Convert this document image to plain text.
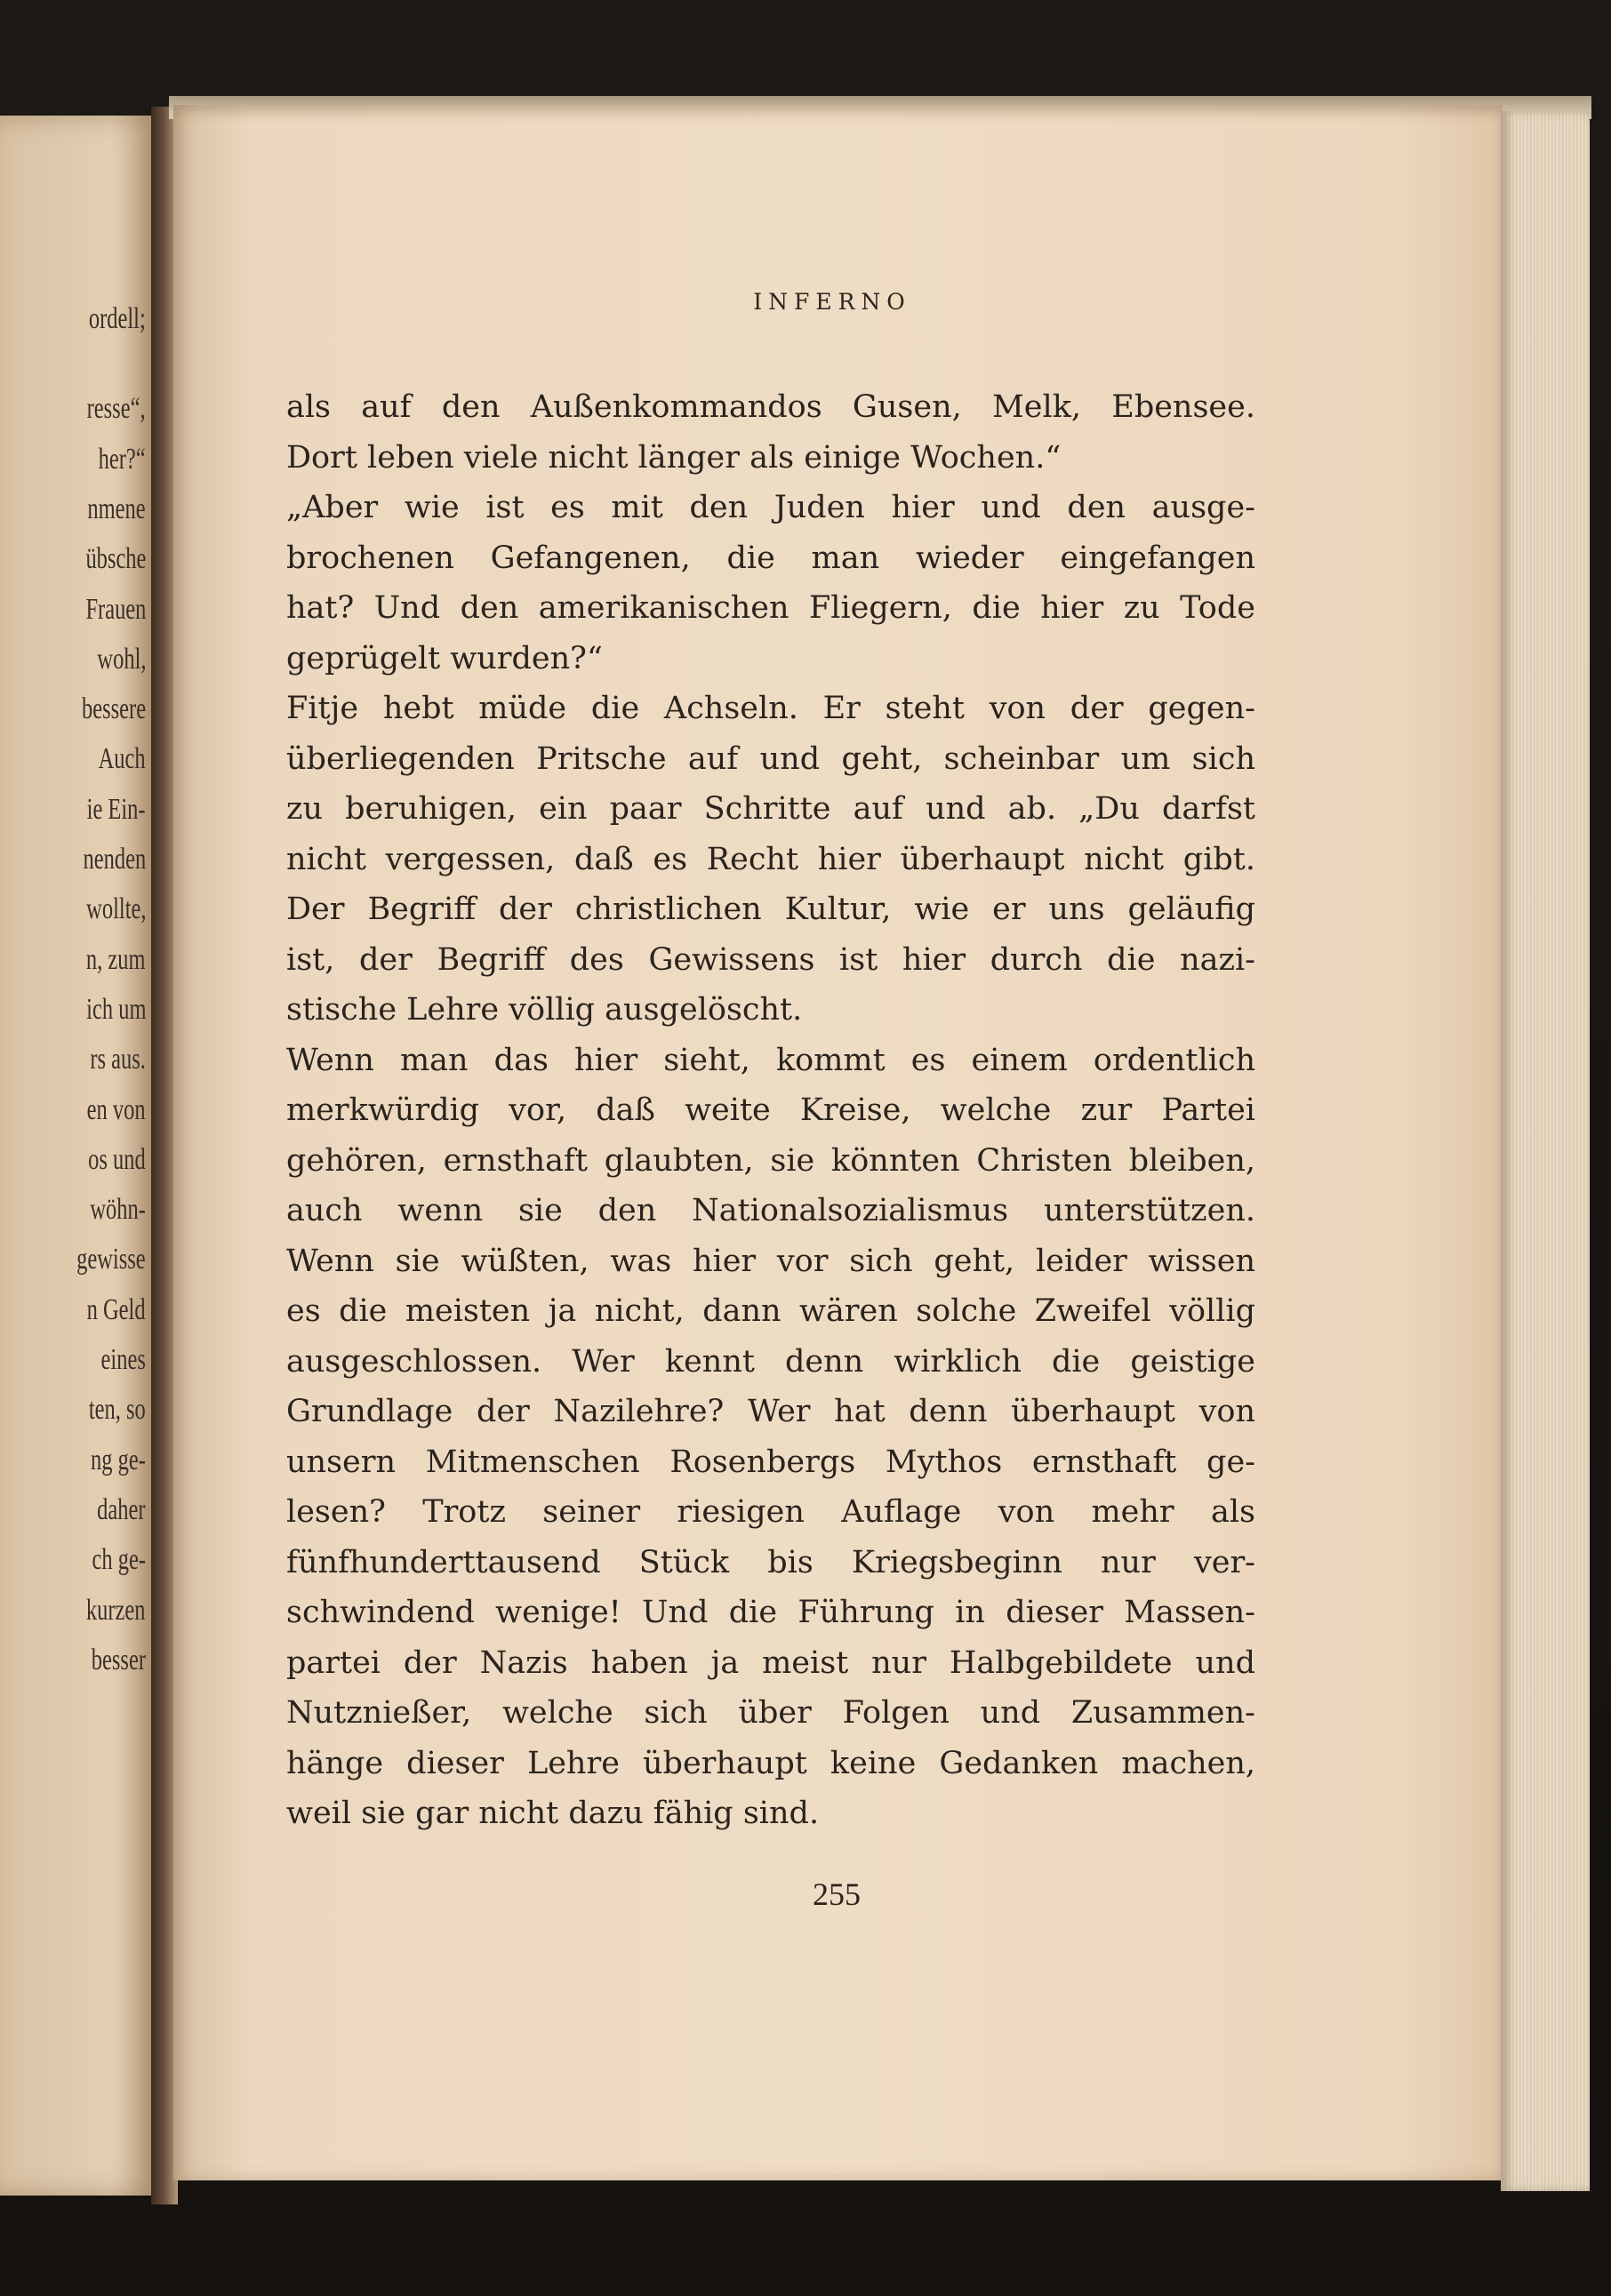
ordell;
resse“,
her?“
nmene
übsche
Frauen
wohl,
bessere
Auch
ie Ein-
nenden
wollte,
n, zum
ich um
rs aus.
en von
os und
wöhn-
gewisse
n Geld
eines
ten, so
ng ge-
daher
ch ge-
kurzen
besser
INFERNO
als auf den Außenkommandos Gusen, Melk, Ebensee.
Dort leben viele nicht länger als einige Wochen.“
„Aber wie ist es mit den Juden hier und den ausge-
brochenen Gefangenen, die man wieder eingefangen
hat? Und den amerikanischen Fliegern, die hier zu Tode
geprügelt wurden?“
Fitje hebt müde die Achseln. Er steht von der gegen-
überliegenden Pritsche auf und geht, scheinbar um sich
zu beruhigen, ein paar Schritte auf und ab. „Du darfst
nicht vergessen, daß es Recht hier überhaupt nicht gibt.
Der Begriff der christlichen Kultur, wie er uns geläufig
ist, der Begriff des Gewissens ist hier durch die nazi-
stische Lehre völlig ausgelöscht.
Wenn man das hier sieht, kommt es einem ordentlich
merkwürdig vor, daß weite Kreise, welche zur Partei
gehören, ernsthaft glaubten, sie könnten Christen bleiben,
auch wenn sie den Nationalsozialismus unterstützen.
Wenn sie wüßten, was hier vor sich geht, leider wissen
es die meisten ja nicht, dann wären solche Zweifel völlig
ausgeschlossen. Wer kennt denn wirklich die geistige
Grundlage der Nazilehre? Wer hat denn überhaupt von
unsern Mitmenschen Rosenbergs Mythos ernsthaft ge-
lesen? Trotz seiner riesigen Auflage von mehr als
fünfhunderttausend Stück bis Kriegsbeginn nur ver-
schwindend wenige! Und die Führung in dieser Massen-
partei der Nazis haben ja meist nur Halbgebildete und
Nutznießer, welche sich über Folgen und Zusammen-
hänge dieser Lehre überhaupt keine Gedanken machen,
weil sie gar nicht dazu fähig sind.
255
